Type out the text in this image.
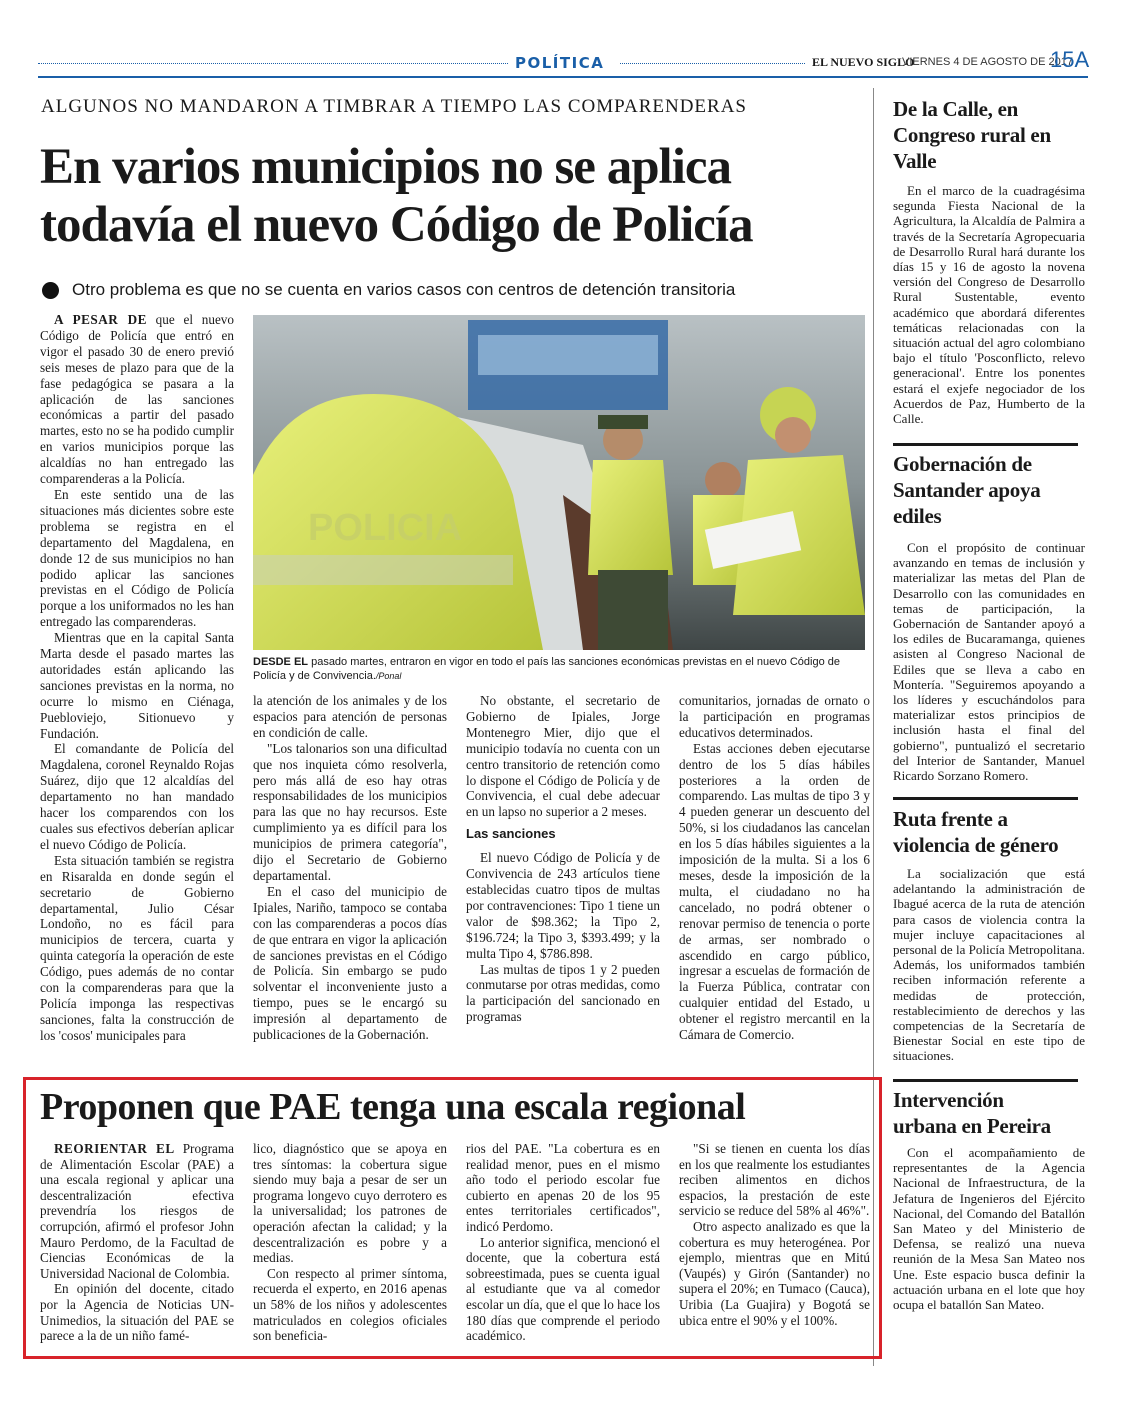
POLÍTICA	EL NUEVO SIGLO
VIERNES 4 DE AGOSTO DE 2017
15A
ALGUNOS NO MANDARON A TIMBRAR A TIEMPO LAS COMPARENDERAS
En varios municipios no se aplica todavía el nuevo Código de Policía
Otro problema es que no se cuenta en varios casos con centros de detención transitoria

A PESAR DE que el nuevo Código de Policía que entró en vigor el pasado 30 de enero previó seis meses de plazo para que de la fase pedagógica se pasara a la aplicación de las sanciones económicas a partir del pasado martes, esto no se ha podido cumplir en varios municipios porque las alcaldías no han entregado las comparenderas a la Policía.

En este sentido una de las situaciones más dicientes sobre este problema se registra en el departamento del Magdalena, en donde 12 de sus municipios no han podido aplicar las sanciones previstas en el Código de Policía porque a los uniformados no les han entregado las comparenderas.

Mientras que en la capital Santa Marta desde el pasado martes las autoridades están aplicando las sanciones previstas en la norma, no ocurre lo mismo en Ciénaga, Puebloviejo, Sitionuevo y Fundación.

El comandante de Policía del Magdalena, coronel Reynaldo Rojas Suárez, dijo que 12 alcaldías del departamento no han mandado hacer los comparendos con los cuales sus efectivos deberían aplicar el nuevo Código de Policía.

Esta situación también se registra en Risaralda en donde según el secretario de Gobierno departamental, Julio César Londoño, no es fácil para municipios de tercera, cuarta y quinta categoría la operación de este Código, pues además de no contar con la comparenderas para que la Policía imponga las respectivas sanciones, falta la construcción de los 'cosos' municipales para

POLICIA
DESDE EL pasado martes, entraron en vigor en todo el país las sanciones económicas previstas en el nuevo Código de Policía y de Convivencia./Ponal

la atención de los animales y de los espacios para atención de personas en condición de calle.

"Los talonarios son una dificultad que nos inquieta cómo resolverla, pero más allá de eso hay otras responsabilidades de los municipios para las que no hay recursos. Este cumplimiento ya es difícil para los municipios de primera categoría", dijo el Secretario de Gobierno departamental.

En el caso del municipio de Ipiales, Nariño, tampoco se contaba con las comparenderas a pocos días de que entrara en vigor la aplicación de sanciones previstas en el Código de Policía. Sin embargo se pudo solventar el inconveniente justo a tiempo, pues se le encargó su impresión al departamento de publicaciones de la Gobernación.

No obstante, el secretario de Gobierno de Ipiales, Jorge Montenegro Mier, dijo que el municipio todavía no cuenta con un centro transitorio de retención como lo dispone el Código de Policía y de Convivencia, el cual debe adecuar en un lapso no superior a 2 meses.

Las sanciones

El nuevo Código de Policía y de Convivencia de 243 artículos tiene establecidas cuatro tipos de multas por contravenciones: Tipo 1 tiene un valor de $98.362; la Tipo 2, $196.724; la Tipo 3, $393.499; y la multa Tipo 4, $786.898.

Las multas de tipos 1 y 2 pueden conmutarse por otras medidas, como la participación del sancionado en programas

comunitarios, jornadas de ornato o la participación en programas educativos determinados.

Estas acciones deben ejecutarse dentro de los 5 días hábiles posteriores a la orden de comparendo. Las multas de tipo 3 y 4 pueden generar un descuento del 50%, si los ciudadanos las cancelan en los 5 días hábiles siguientes a la imposición de la multa. Si a los 6 meses, desde la imposición de la multa, el ciudadano no ha cancelado, no podrá obtener o renovar permiso de tenencia o porte de armas, ser nombrado o ascendido en cargo público, ingresar a escuelas de formación de la Fuerza Pública, contratar con cualquier entidad del Estado, u obtener el registro mercantil en la Cámara de Comercio.

Proponen que PAE tenga una escala regional

REORIENTAR EL Programa de Alimentación Escolar (PAE) a una escala regional y aplicar una descentralización efectiva prevendría los riesgos de corrupción, afirmó el profesor John Mauro Perdomo, de la Facultad de Ciencias Económicas de la Universidad Nacional de Colombia.

En opinión del docente, citado por la Agencia de Noticias UN-Unimedios, la situación del PAE se parece a la de un niño famé-

lico, diagnóstico que se apoya en tres síntomas: la cobertura sigue siendo muy baja a pesar de ser un programa longevo cuyo derrotero es la universalidad; los patrones de operación afectan la calidad; y la descentralización es pobre y a medias.

Con respecto al primer síntoma, recuerda el experto, en 2016 apenas un 58% de los niños y adolescentes matriculados en colegios oficiales son beneficia-

rios del PAE. "La cobertura es en realidad menor, pues en el mismo año todo el periodo escolar fue cubierto en apenas 20 de los 95 entes territoriales certificados", indicó Perdomo.

Lo anterior significa, mencionó el docente, que la cobertura está sobreestimada, pues se cuenta igual al estudiante que va al comedor escolar un día, que el que lo hace los 180 días que comprende el periodo académico.

"Si se tienen en cuenta los días en los que realmente los estudiantes reciben alimentos en dichos espacios, la prestación de este servicio se reduce del 58% al 46%".

Otro aspecto analizado es que la cobertura es muy heterogénea. Por ejemplo, mientras que en Mitú (Vaupés) y Girón (Santander) no supera el 20%; en Tumaco (Cauca), Uribia (La Guajira) y Bogotá se ubica entre el 90% y el 100%.

De la Calle, en Congreso rural en Valle

En el marco de la cuadragésima segunda Fiesta Nacional de la Agricultura, la Alcaldía de Palmira a través de la Secretaría Agropecuaria de Desarrollo Rural hará durante los días 15 y 16 de agosto la novena versión del Congreso de Desarrollo Rural Sustentable, evento académico que abordará diferentes temáticas relacionadas con la situación actual del agro colombiano bajo el título 'Posconflicto, relevo generacional'. Entre los ponentes estará el exjefe negociador de los Acuerdos de Paz, Humberto de la Calle.

Gobernación de Santander apoya ediles

Con el propósito de continuar avanzando en temas de inclusión y materializar las metas del Plan de Desarrollo con las comunidades en temas de participación, la Gobernación de Santander apoyó a los ediles de Bucaramanga, quienes asisten al Congreso Nacional de Ediles que se lleva a cabo en Montería. "Seguiremos apoyando a los líderes y escuchándolos para materializar estos principios de inclusión hasta el final del gobierno", puntualizó el secretario del Interior de Santander, Manuel Ricardo Sorzano Romero.

Ruta frente a violencia de género

La socialización que está adelantando la administración de Ibagué acerca de la ruta de atención para casos de violencia contra la mujer incluye capacitaciones al personal de la Policía Metropolitana. Además, los uniformados también reciben información referente a medidas de protección, restablecimiento de derechos y las competencias de la Secretaría de Bienestar Social en este tipo de situaciones.

Intervención urbana en Pereira

Con el acompañamiento de representantes de la Agencia Nacional de Infraestructura, de la Jefatura de Ingenieros del Ejército Nacional, del Comando del Batallón San Mateo y del Ministerio de Defensa, se realizó una nueva reunión de la Mesa San Mateo nos Une. Este espacio busca definir la actuación urbana en el lote que hoy ocupa el batallón San Mateo.
